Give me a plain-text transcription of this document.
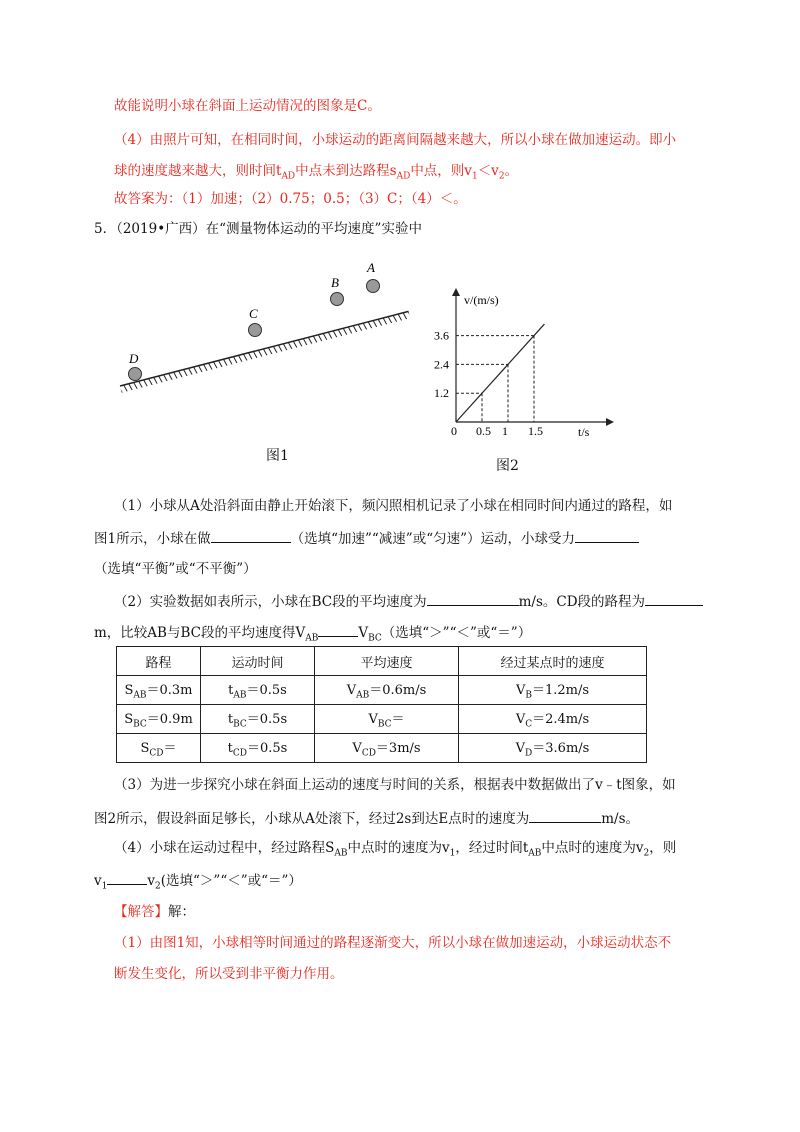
故能说明小球在斜面上运动情况的图象是C。
（4）由照片可知，在相同时间，小球运动的距离间隔越来越大，所以小球在做加速运动。即小
球的速度越来越大，则时间$t_{AD}$中点未到达路程$s_{AD}$中点，则$v_1<v_2$。
故答案为：（1）加速；（2）0.75；0.5；（3）C；（4）＜。
5．（2019•广西）在“测量物体运动的平均速度”实验中
D
C
B
A
图1
0.5
1.2
1
2.4
1.5
3.6
v/(m/s)
t/s
0
图2
（1）小球从A处沿斜面由静止开始滚下，频闪照相机记录了小球在相同时间内通过的路程，如
图1所示，小球在做	（选填“加速”“减速”或“匀速”）运动，小球受力
（选填“平衡”或“不平衡”）
（2）实验数据如表所示，小球在BC段的平均速度为	m/s。CD段的路程为
m，比较AB与BC段的平均速度得$V_{AB}$	$V_{BC}$（选填“＞”“＜”或“＝”）
路程	运动时间	平均速度	经过某点时的速度
$S_{AB}=0.3m$	$t_{AB}=0.5s$	$V_{AB}=0.6m/s$	$V_B=1.2m/s$
$S_{BC}=0.9m$	$t_{BC}=0.5s$	$V_{BC}=$	$V_C=2.4m/s$
$S_{CD}=$	$t_{CD}=0.5s$	$V_{CD}=3m/s$	$V_D=3.6m/s$
（3）为进一步探究小球在斜面上运动的速度与时间的关系，根据表中数据做出了v﹣t图象，如
图2所示，假设斜面足够长，小球从A处滚下，经过2s到达E点时的速度为	m/s。
（4）小球在运动过程中，经过路程$S_{AB}$中点时的速度为$v_1$，经过时间$t_{AB}$中点时的速度为$v_2$，则
$v_1$	$v_2$(选填“＞”“＜”或“＝”）
【解答】解：
（1）由图1知，小球相等时间通过的路程逐渐变大，所以小球在做加速运动，小球运动状态不
断发生变化，所以受到非平衡力作用。
